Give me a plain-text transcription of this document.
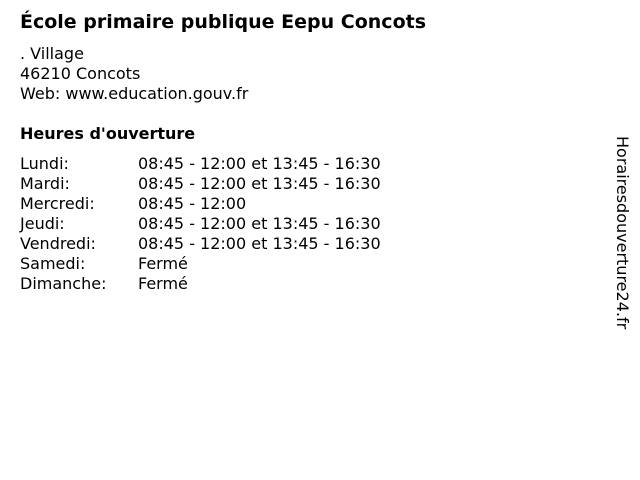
École primaire publique Eepu Concots
. Village
46210 Concots
Web: www.education.gouv.fr
Heures d'ouverture
Lundi:	08:45 - 12:00 et 13:45 - 16:30
Mardi:	08:45 - 12:00 et 13:45 - 16:30
Mercredi:	08:45 - 12:00
Jeudi:	08:45 - 12:00 et 13:45 - 16:30
Vendredi:	08:45 - 12:00 et 13:45 - 16:30
Samedi:	Fermé
Dimanche: Fermé	Horairesdouverture24.fr
